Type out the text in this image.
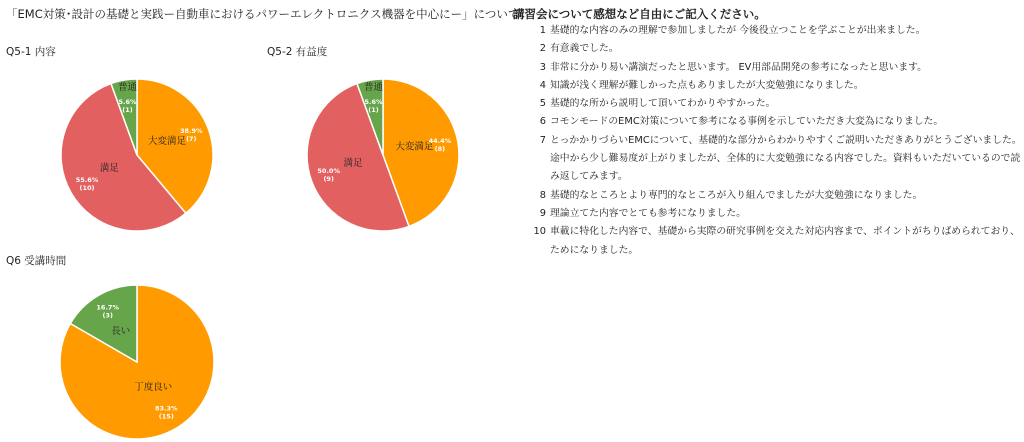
「EMC対策･設計の基礎と実践ー自動車におけるパワーエレクトロニクス機器を中心にー」について
Q5-1 内容
大変満足
38.9%
(7)
満足
55.6%
(10)
普通
5.6%
(1)
Q5-2 有益度
大変満足
44.4%
(8)
満足
50.0%
(9)
普通
5.6%
(1)
Q6 受講時間
丁度良い
83.3%
(15)
長い
16.7%
(3)
講習会について感想など自由にご記入ください。
1 基礎的な内容のみの理解で参加しましたが 今後役立つことを学ぶことが出来ました。
2 有意義でした。
3 非常に分かり易い講演だったと思います。 EV用部品開発の参考になったと思います。
4 知識が浅く理解が難しかった点もありましたが大変勉強になりました。
5 基礎的な所から説明して頂いてわかりやすかった。
6 コモンモードのEMC対策について参考になる事例を示していただき大変為になりました。
7 とっかかりづらいEMCについて、基礎的な部分からわかりやすくご説明いただきありがとうございました。途中から少し難易度が上がりましたが、全体的に大変勉強になる内容でした。資料もいただいているので読み返してみます。
8 基礎的なところとより専門的なところが入り組んでましたが大変勉強になりました。
9 理論立てた内容でとても参考になりました。
10 車載に特化した内容で、基礎から実際の研究事例を交えた対応内容まで、ポイントがちりばめられており、ためになりました。
